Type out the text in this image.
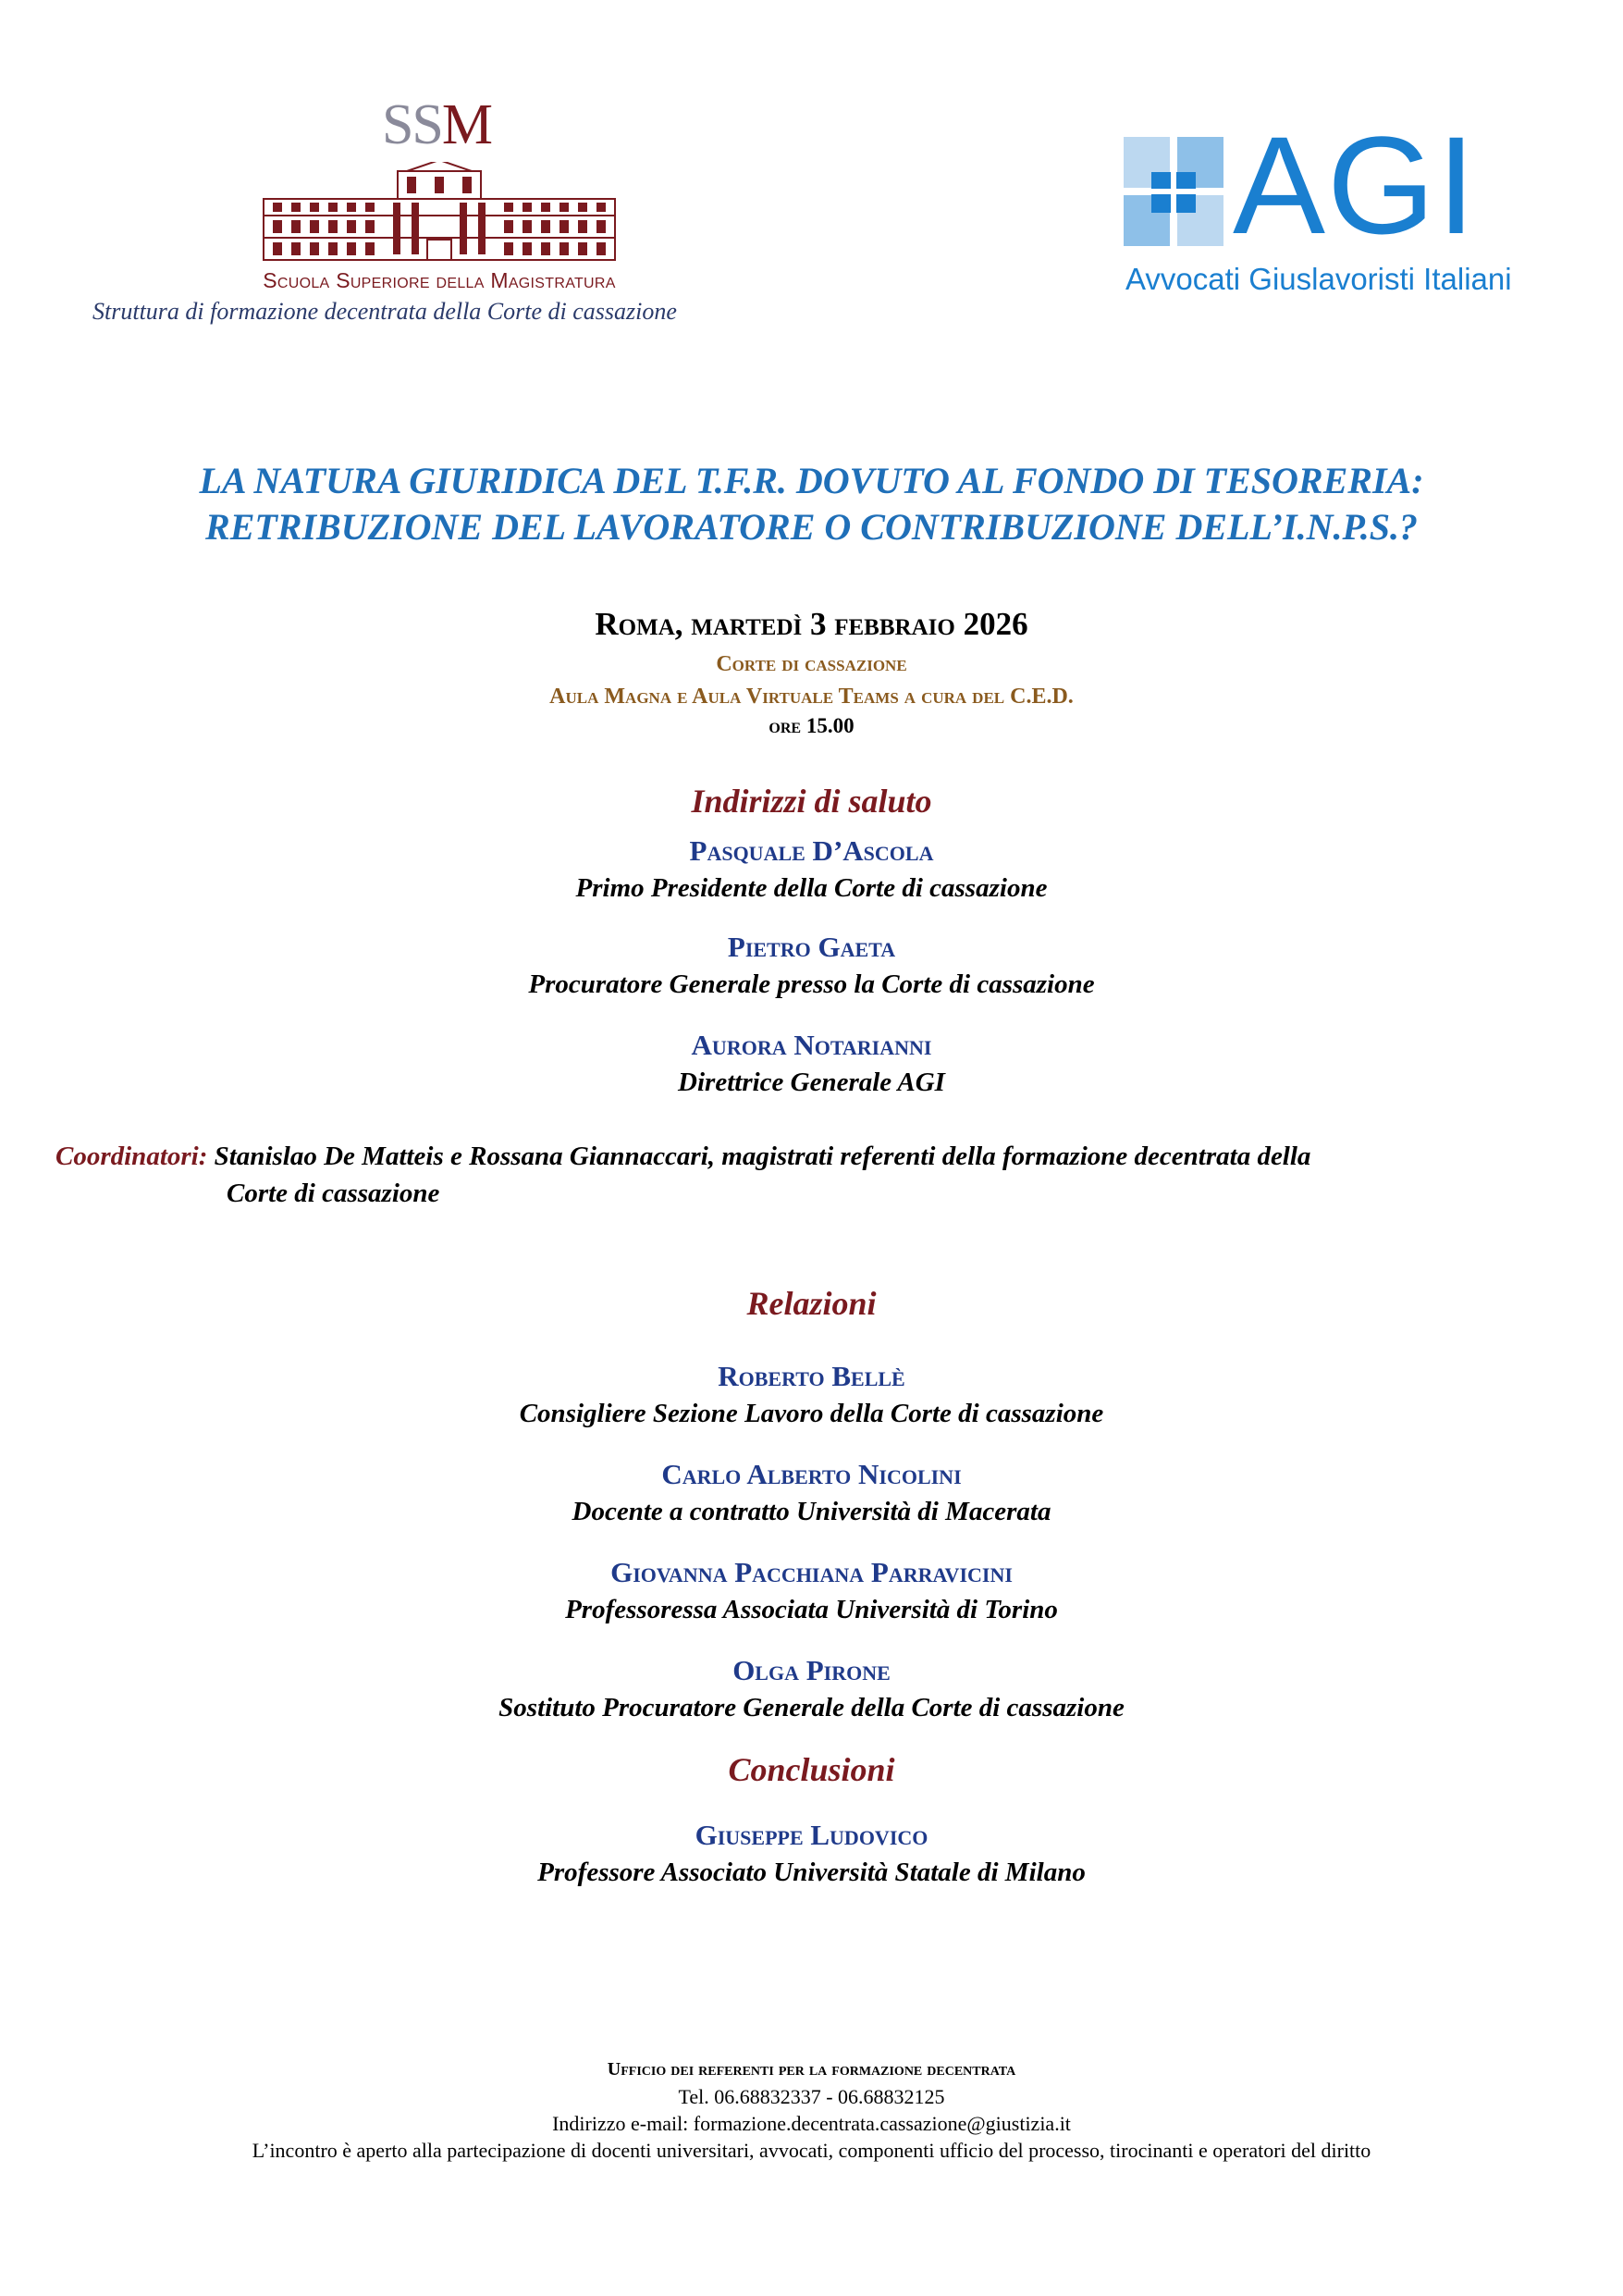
SSM
Scuola Superiore della Magistratura
Struttura di formazione decentrata della Corte di cassazione
AGI
Avvocati Giuslavoristi Italiani
LA NATURA GIURIDICA DEL T.F.R. DOVUTO AL FONDO DI TESORERIA:
RETRIBUZIONE DEL LAVORATORE O CONTRIBUZIONE DELL’I.N.P.S.?
Roma, martedì 3 febbraio 2026
Corte di cassazione
Aula Magna e Aula Virtuale Teams a cura del C.E.D.
ore 15.00
Indirizzi di saluto
Pasquale D’Ascola
Primo Presidente della Corte di cassazione
Pietro Gaeta
Procuratore Generale presso la Corte di cassazione
Aurora Notarianni
Direttrice Generale AGI
Coordinatori: Stanislao De Matteis e Rossana Giannaccari, magistrati referenti della formazione decentrata della
Corte di cassazione
Relazioni
Roberto Bellè
Consigliere Sezione Lavoro della Corte di cassazione
Carlo Alberto Nicolini
Docente a contratto Università di Macerata
Giovanna Pacchiana Parravicini
Professoressa Associata Università di Torino
Olga Pirone
Sostituto Procuratore Generale della Corte di cassazione
Conclusioni
Giuseppe Ludovico
Professore Associato Università Statale di Milano
Ufficio dei referenti per la formazione decentrata
Tel. 06.68832337 - 06.68832125
Indirizzo e-mail: formazione.decentrata.cassazione@giustizia.it
L’incontro è aperto alla partecipazione di docenti universitari, avvocati, componenti ufficio del processo, tirocinanti e operatori del diritto
